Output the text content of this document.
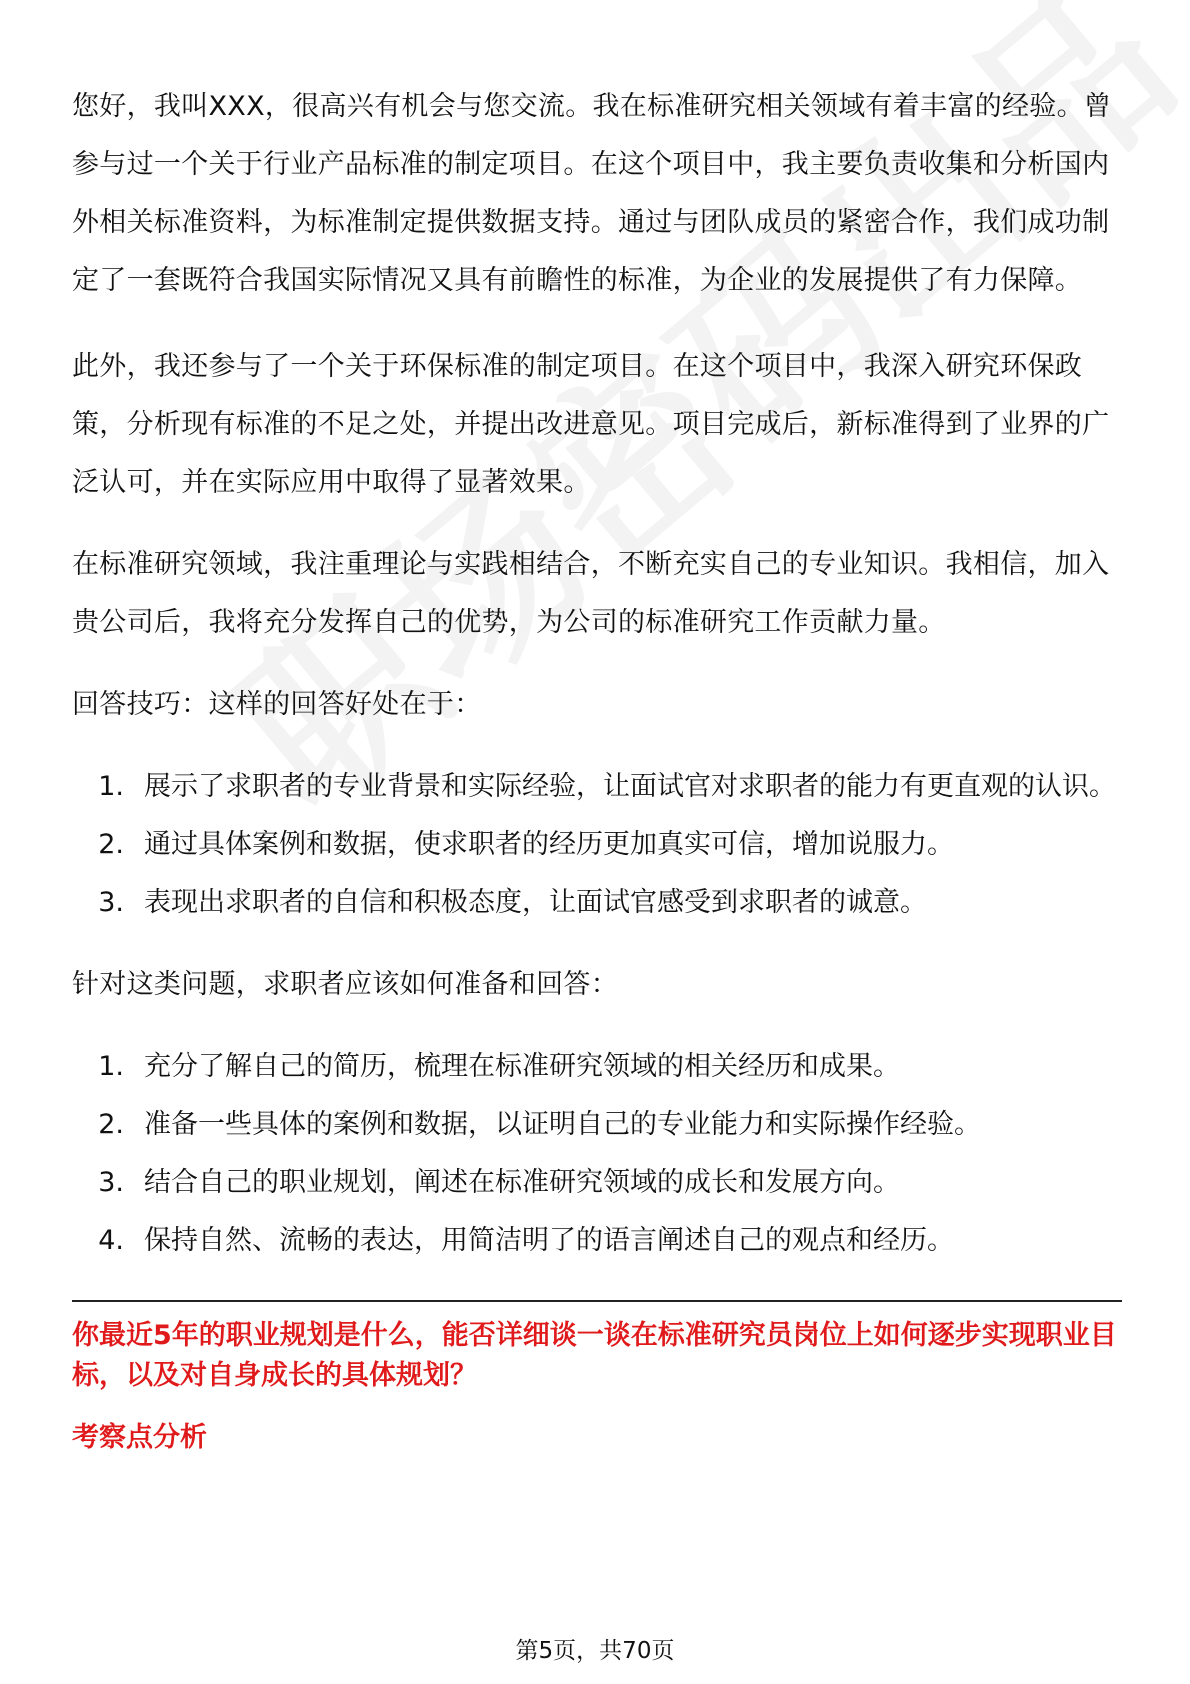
您好，我叫XXX，很高兴有机会与您交流。我在标准研究相关领域有着丰富的经验。曾参与过一个关于行业产品标准的制定项目。在这个项目中，我主要负责收集和分析国内外相关标准资料，为标准制定提供数据支持。通过与团队成员的紧密合作，我们成功制定了一套既符合我国实际情况又具有前瞻性的标准，为企业的发展提供了有力保障。

此外，我还参与了一个关于环保标准的制定项目。在这个项目中，我深入研究环保政策，分析现有标准的不足之处，并提出改进意见。项目完成后，新标准得到了业界的广泛认可，并在实际应用中取得了显著效果。

在标准研究领域，我注重理论与实践相结合，不断充实自己的专业知识。我相信，加入贵公司后，我将充分发挥自己的优势，为公司的标准研究工作贡献力量。

回答技巧：这样的回答好处在于：

1. 展示了求职者的专业背景和实际经验，让面试官对求职者的能力有更直观的认识。
2. 通过具体案例和数据，使求职者的经历更加真实可信，增加说服力。
3. 表现出求职者的自信和积极态度，让面试官感受到求职者的诚意。

针对这类问题，求职者应该如何准备和回答：

1. 充分了解自己的简历，梳理在标准研究领域的相关经历和成果。
2. 准备一些具体的案例和数据，以证明自己的专业能力和实际操作经验。
3. 结合自己的职业规划，阐述在标准研究领域的成长和发展方向。
4. 保持自然、流畅的表达，用简洁明了的语言阐述自己的观点和经历。

你最近5年的职业规划是什么，能否详细谈一谈在标准研究员岗位上如何逐步实现职业目标，以及对自身成长的具体规划？

考察点分析

第5页，共70页
